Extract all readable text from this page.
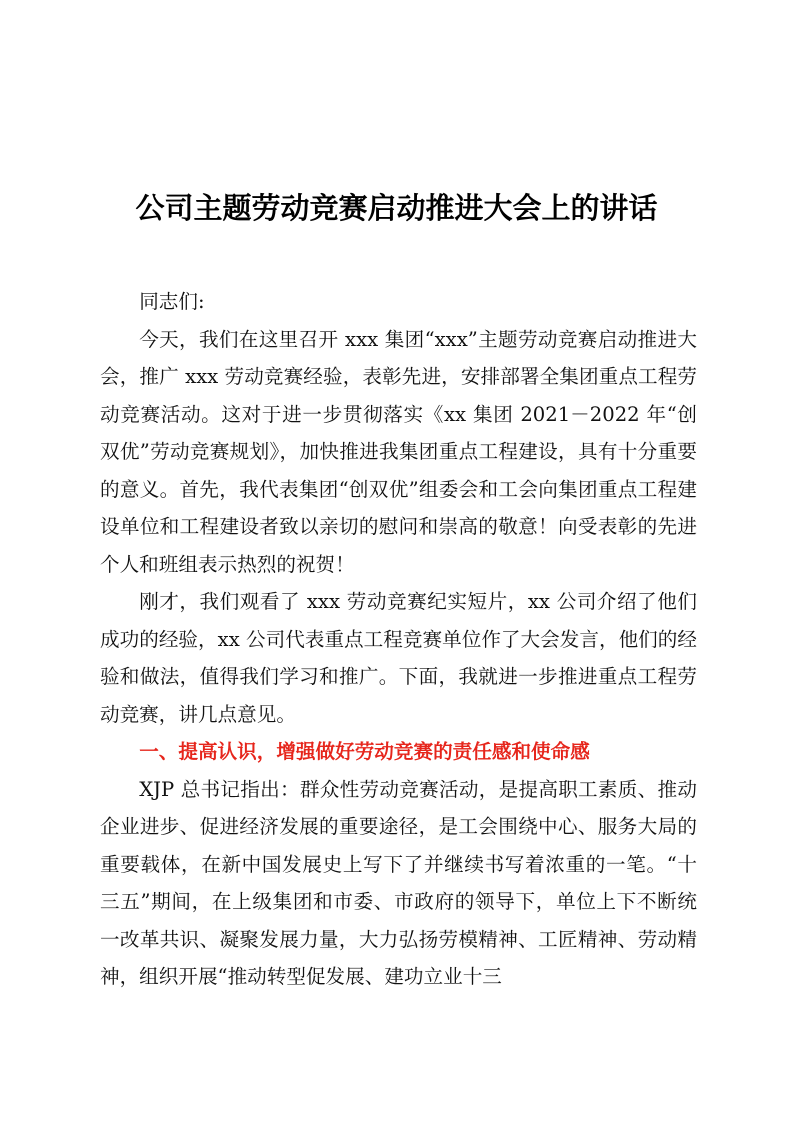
公司主题劳动竞赛启动推进大会上的讲话

同志们:

今天，我们在这里召开 xxx 集团“xxx”主题劳动竞赛启动推进大会，推广 xxx 劳动竞赛经验，表彰先进，安排部署全集团重点工程劳动竞赛活动。这对于进一步贯彻落实《xx 集团 2021－2022 年“创双优”劳动竞赛规划》，加快推进我集团重点工程建设，具有十分重要的意义。首先，我代表集团“创双优”组委会和工会向集团重点工程建设单位和工程建设者致以亲切的慰问和崇高的敬意！向受表彰的先进个人和班组表示热烈的祝贺！

刚才，我们观看了 xxx 劳动竞赛纪实短片，xx 公司介绍了他们成功的经验，xx 公司代表重点工程竞赛单位作了大会发言，他们的经验和做法，值得我们学习和推广。下面，我就进一步推进重点工程劳动竞赛，讲几点意见。

一、提高认识，增强做好劳动竞赛的责任感和使命感

XJP 总书记指出：群众性劳动竞赛活动，是提高职工素质、推动企业进步、促进经济发展的重要途径，是工会围绕中心、服务大局的重要载体，在新中国发展史上写下了并继续书写着浓重的一笔。“十三五”期间，在上级集团和市委、市政府的领导下，单位上下不断统一改革共识、凝聚发展力量，大力弘扬劳模精神、工匠精神、劳动精神，组织开展“推动转型促发展、建功立业十三
